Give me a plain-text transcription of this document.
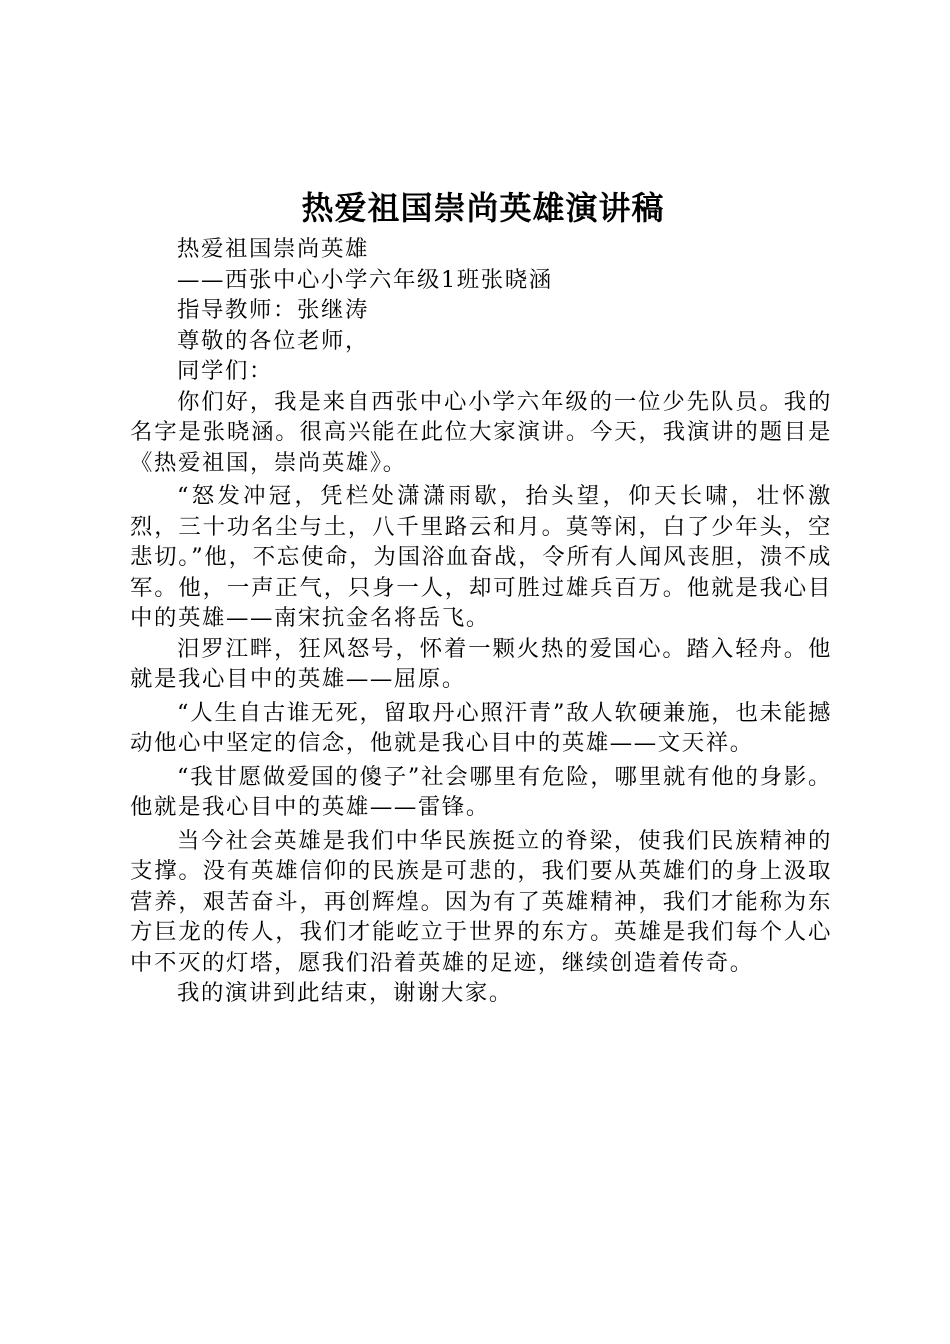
热爱祖国崇尚英雄演讲稿

热爱祖国崇尚英雄

——西张中心小学六年级1班张晓涵

指导教师：张继涛

尊敬的各位老师，

同学们：

你们好，我是来自西张中心小学六年级的一位少先队员。我的名字是张晓涵。很高兴能在此位大家演讲。今天，我演讲的题目是《热爱祖国，崇尚英雄》。

“怒发冲冠，凭栏处潇潇雨歇，抬头望，仰天长啸，壮怀激烈，三十功名尘与土，八千里路云和月。莫等闲，白了少年头，空悲切。”他，不忘使命，为国浴血奋战，令所有人闻风丧胆，溃不成军。他，一声正气，只身一人，却可胜过雄兵百万。他就是我心目中的英雄——南宋抗金名将岳飞。

汨罗江畔，狂风怒号，怀着一颗火热的爱国心。踏入轻舟。他就是我心目中的英雄——屈原。

“人生自古谁无死，留取丹心照汗青”敌人软硬兼施，也未能撼动他心中坚定的信念，他就是我心目中的英雄——文天祥。

“我甘愿做爱国的傻子”社会哪里有危险，哪里就有他的身影。他就是我心目中的英雄——雷锋。

当今社会英雄是我们中华民族挺立的脊梁，使我们民族精神的支撑。没有英雄信仰的民族是可悲的，我们要从英雄们的身上汲取营养，艰苦奋斗，再创辉煌。因为有了英雄精神，我们才能称为东方巨龙的传人，我们才能屹立于世界的东方。英雄是我们每个人心中不灭的灯塔，愿我们沿着英雄的足迹，继续创造着传奇。

我的演讲到此结束，谢谢大家。
